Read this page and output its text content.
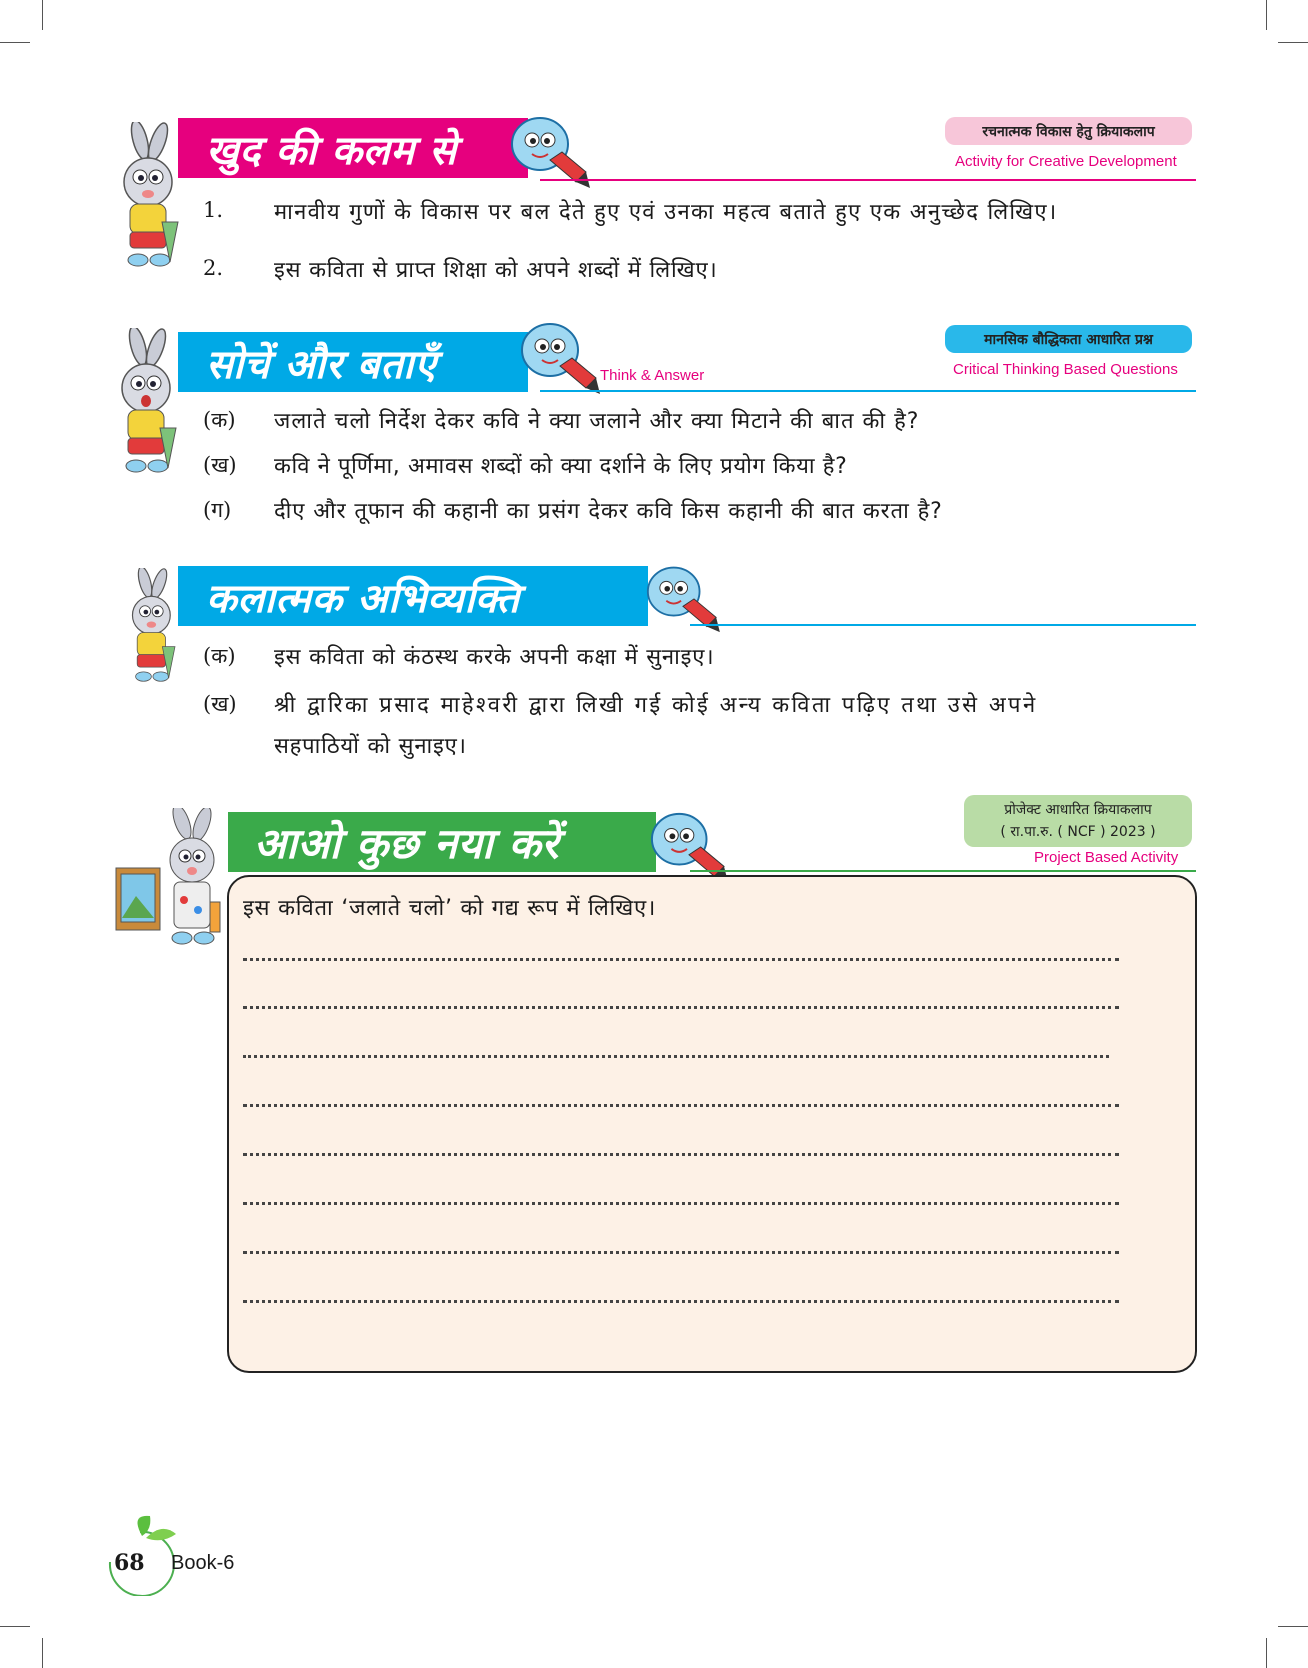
खुद की कलम से	रचनात्मक विकास हेतु क्रियाकलाप
Activity for Creative Development
1. मानवीय गुणों के विकास पर बल देते हुए एवं उनका महत्व बताते हुए एक अनुच्छेद लिखिए।
2. इस कविता से प्राप्त शिक्षा को अपने शब्दों में लिखिए।
सोचें और बताएँ	Think & Answer
मानसिक बौद्धिकता आधारित प्रश्न
Critical Thinking Based Questions
(क) जलाते चलो निर्देश देकर कवि ने क्या जलाने और क्या मिटाने की बात की है?
(ख) कवि ने पूर्णिमा, अमावस शब्दों को क्या दर्शाने के लिए प्रयोग किया है?
(ग) दीए और तूफान की कहानी का प्रसंग देकर कवि किस कहानी की बात करता है?
कलात्मक अभिव्यक्ति
(क) इस कविता को कंठस्थ करके अपनी कक्षा में सुनाइए।
(ख) श्री द्वारिका प्रसाद माहेश्वरी द्वारा लिखी गई कोई अन्य कविता पढ़िए तथा उसे अपने
सहपाठियों को सुनाइए।
आओ कुछ नया करें
प्रोजेक्ट आधारित क्रियाकलाप
( रा.पा.रु. ( NCF ) 2023 )
Project Based Activity
इस कविता ‘जलाते चलो’ को गद्य रूप में लिखिए।
68 Book-6
